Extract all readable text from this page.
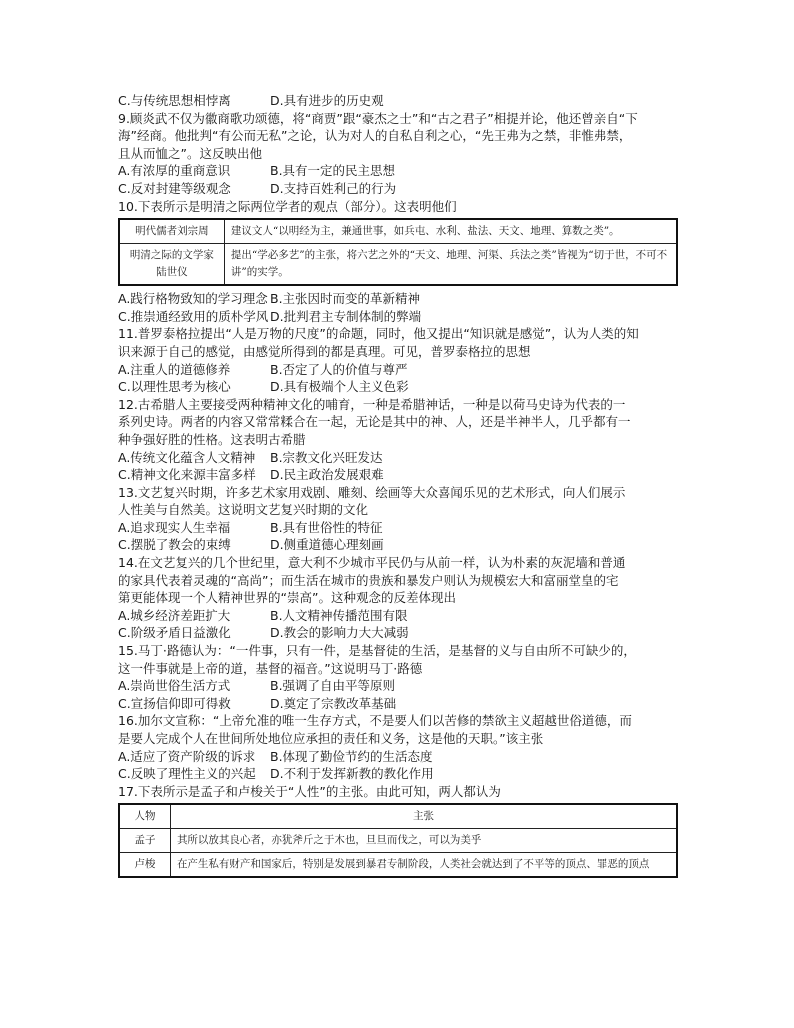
C.与传统思想相悖离	D.具有进步的历史观
9.顾炎武不仅为徽商歌功颂德，将“商贾”跟“豪杰之士”和“古之君子”相提并论，他还曾亲自“下
海”经商。他批判“有公而无私”之论，认为对人的自私自利之心，“先王弗为之禁，非惟弗禁，
且从而恤之”。这反映出他
A.有浓厚的重商意识	B.具有一定的民主思想
C.反对封建等级观念	D.支持百姓利己的行为
10.下表所示是明清之际两位学者的观点（部分）。这表明他们
明代儒者刘宗周	建议文人“以明经为主，兼通世事，如兵屯、水利、盐法、天文、地理、算数之类”。
明清之际的文学家陆世仪	提出“学必多艺”的主张，将六艺之外的“天文、地理、河渠、兵法之类”皆视为“切于世，不可不讲”的实学。
A.践行格物致知的学习理念 B.主张因时而变的革新精神
C.推崇通经致用的质朴学风 D.批判君主专制体制的弊端
11.普罗泰格拉提出“人是万物的尺度”的命题，同时，他又提出“知识就是感觉”，认为人类的知
识来源于自己的感觉，由感觉所得到的都是真理。可见，普罗泰格拉的思想
A.注重人的道德修养	B.否定了人的价值与尊严
C.以理性思考为核心	D.具有极端个人主义色彩
12.古希腊人主要接受两种精神文化的哺育，一种是希腊神话，一种是以荷马史诗为代表的一
系列史诗。两者的内容又常常糅合在一起，无论是其中的神、人，还是半神半人，几乎都有一
种争强好胜的性格。这表明古希腊
A.传统文化蕴含人文精神	B.宗教文化兴旺发达
C.精神文化来源丰富多样	D.民主政治发展艰难
13.文艺复兴时期，许多艺术家用戏剧、雕刻、绘画等大众喜闻乐见的艺术形式，向人们展示
人性美与自然美。这说明文艺复兴时期的文化
A.追求现实人生幸福	B.具有世俗性的特征
C.摆脱了教会的束缚	D.侧重道德心理刻画
14.在文艺复兴的几个世纪里，意大利不少城市平民仍与从前一样，认为朴素的灰泥墙和普通
的家具代表着灵魂的“高尚”；而生活在城市的贵族和暴发户则认为规模宏大和富丽堂皇的宅
第更能体现一个人精神世界的“崇高”。这种观念的反差体现出
A.城乡经济差距扩大	B.人文精神传播范围有限
C.阶级矛盾日益激化	D.教会的影响力大大减弱
15.马丁·路德认为：“一件事，只有一件，是基督徒的生活，是基督的义与自由所不可缺少的，
这一件事就是上帝的道，基督的福音。”这说明马丁·路德
A.崇尚世俗生活方式	B.强调了自由平等原则
C.宣扬信仰即可得救	D.奠定了宗教改革基础
16.加尔文宣称：“上帝允准的唯一生存方式，不是要人们以苦修的禁欲主义超越世俗道德，而
是要人完成个人在世间所处地位应承担的责任和义务，这是他的天职。”该主张
A.适应了资产阶级的诉求	B.体现了勤俭节约的生活态度
C.反映了理性主义的兴起	D.不利于发挥新教的教化作用
17.下表所示是孟子和卢梭关于“人性”的主张。由此可知，两人都认为
人物	主张
孟子	其所以放其良心者，亦犹斧斤之于木也，旦旦而伐之，可以为美乎
卢梭	在产生私有财产和国家后，特别是发展到暴君专制阶段，人类社会就达到了不平等的顶点、罪恶的顶点
